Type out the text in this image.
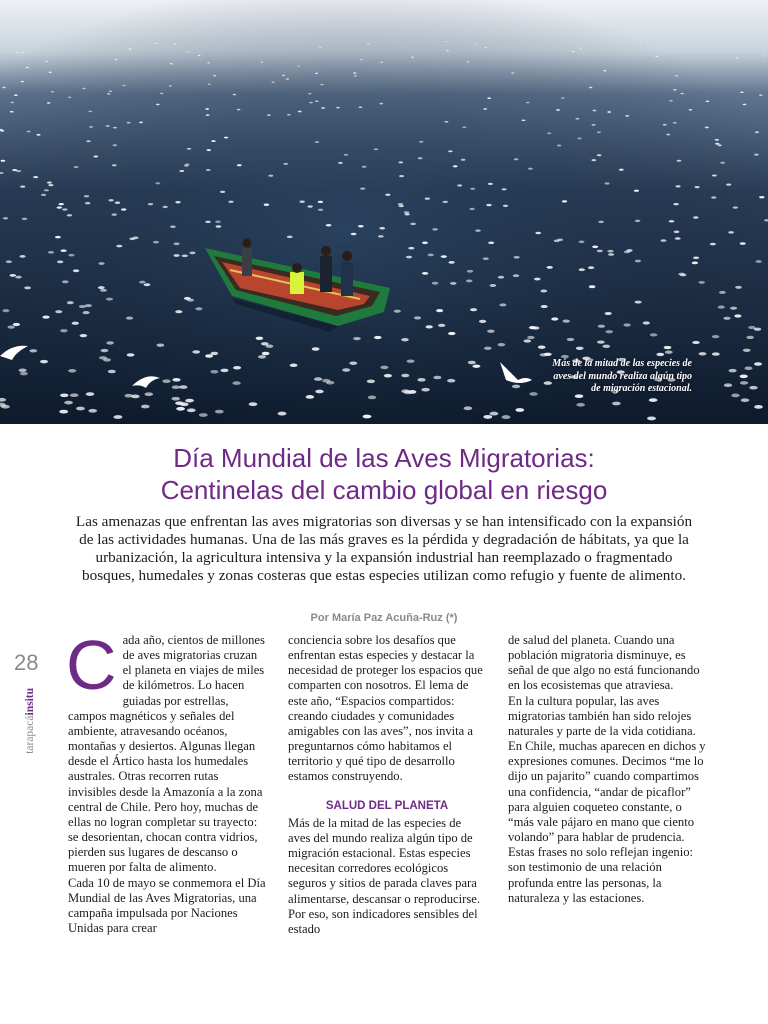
Más de la mitad de las especies de aves del mundo realiza algún tipo de migración estacional.
Día Mundial de las Aves Migratorias:
Centinelas del cambio global en riesgo
Las amenazas que enfrentan las aves migratorias son diversas y se han intensificado con la expansión de las actividades humanas. Una de las más graves es la pérdida y degradación de hábitats, ya que la urbanización, la agricultura intensiva y la expansión industrial han reemplazado o fragmentado bosques, humedales y zonas costeras que estas especies utilizan como refugio y fuente de alimento.
Por María Paz Acuña-Ruz (*)
28
tarapacáinsitu C ada año, cientos de millones de aves migratorias cruzan el planeta en viajes de miles de kilómetros. Lo hacen guiadas por estrellas, campos magnéticos y señales del ambiente, atravesando océanos, montañas y desiertos. Algunas llegan desde el Ártico hasta los humedales australes. Otras recorren rutas invisibles desde la Amazonía a la zona central de Chile. Pero hoy, muchas de ellas no logran completar su trayecto: se desorientan, chocan contra vidrios, pierden sus lugares de descanso o mueren por falta de alimento.

Cada 10 de mayo se conmemora el Día Mundial de las Aves Migratorias, una campaña impulsada por Naciones Unidas para crear

conciencia sobre los desafíos que enfrentan estas especies y destacar la necesidad de proteger los espacios que comparten con nosotros. El lema de este año, “Espacios compartidos: creando ciudades y comunidades amigables con las aves”, nos invita a preguntarnos cómo habitamos el territorio y qué tipo de desarrollo estamos construyendo.

SALUD DEL PLANETA

Más de la mitad de las especies de aves del mundo realiza algún tipo de migración estacional. Estas especies necesitan corredores ecológicos seguros y sitios de parada claves para alimentarse, descansar o reproducirse. Por eso, son indicadores sensibles del estado

de salud del planeta. Cuando una población migratoria disminuye, es señal de que algo no está funcionando en los ecosistemas que atraviesa.

En la cultura popular, las aves migratorias también han sido relojes naturales y parte de la vida cotidiana. En Chile, muchas aparecen en dichos y expresiones comunes. Decimos “me lo dijo un pajarito” cuando compartimos una confidencia, “andar de picaflor” para alguien coqueteo constante, o “más vale pájaro en mano que ciento volando” para hablar de prudencia. Estas frases no solo reflejan ingenio: son testimonio de una relación profunda entre las personas, la naturaleza y las estaciones.
